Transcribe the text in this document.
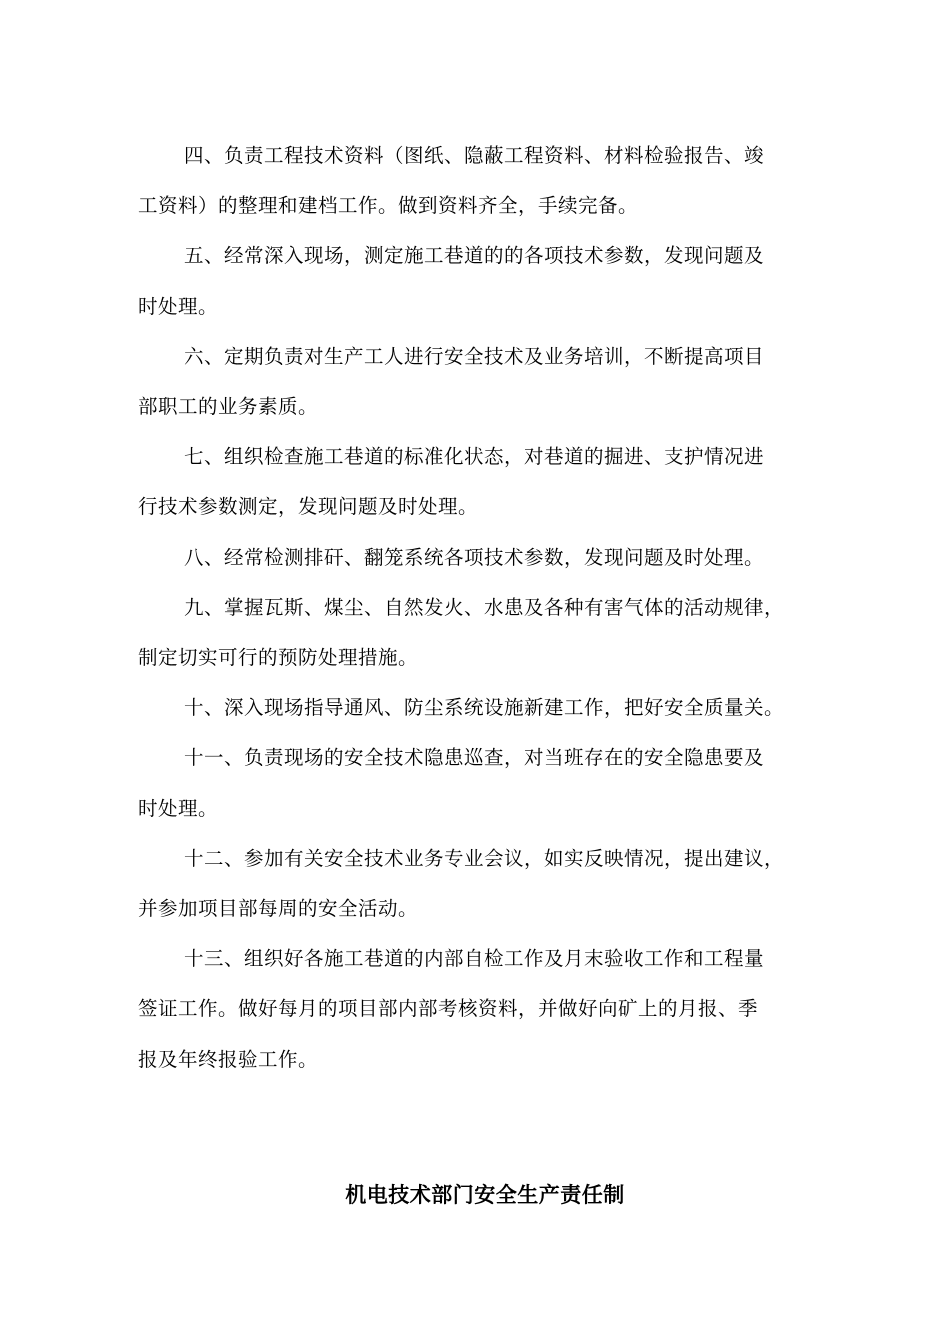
四、负责工程技术资料（图纸、隐蔽工程资料、材料检验报告、竣
工资料）的整理和建档工作。做到资料齐全，手续完备。
五、经常深入现场，测定施工巷道的的各项技术参数，发现问题及
时处理。
六、定期负责对生产工人进行安全技术及业务培训，不断提高项目
部职工的业务素质。
七、组织检查施工巷道的标准化状态，对巷道的掘进、支护情况进
行技术参数测定，发现问题及时处理。
八、经常检测排矸、翻笼系统各项技术参数，发现问题及时处理。
九、掌握瓦斯、煤尘、自然发火、水患及各种有害气体的活动规律，
制定切实可行的预防处理措施。
十、深入现场指导通风、防尘系统设施新建工作，把好安全质量关。
十一、负责现场的安全技术隐患巡查，对当班存在的安全隐患要及
时处理。
十二、参加有关安全技术业务专业会议，如实反映情况，提出建议，
并参加项目部每周的安全活动。
十三、组织好各施工巷道的内部自检工作及月末验收工作和工程量
签证工作。做好每月的项目部内部考核资料，并做好向矿上的月报、季
报及年终报验工作。
机电技术部门安全生产责任制
